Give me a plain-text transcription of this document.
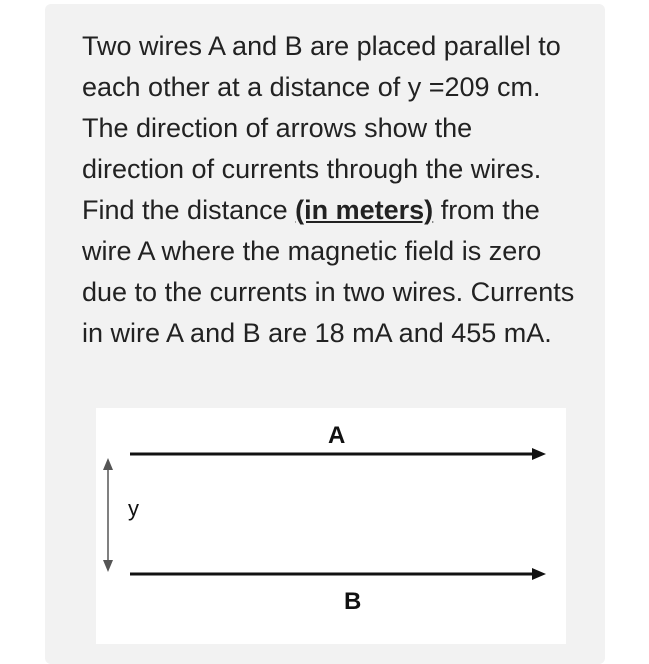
Two wires A and B are placed parallel to each other at a distance of y =209 cm. The direction of arrows show the direction of currents through the wires. Find the distance (in meters) from the wire A where the magnetic field is zero due to the currents in two wires. Currents in wire A and B are 18 mA and 455 mA.

A
B
y
